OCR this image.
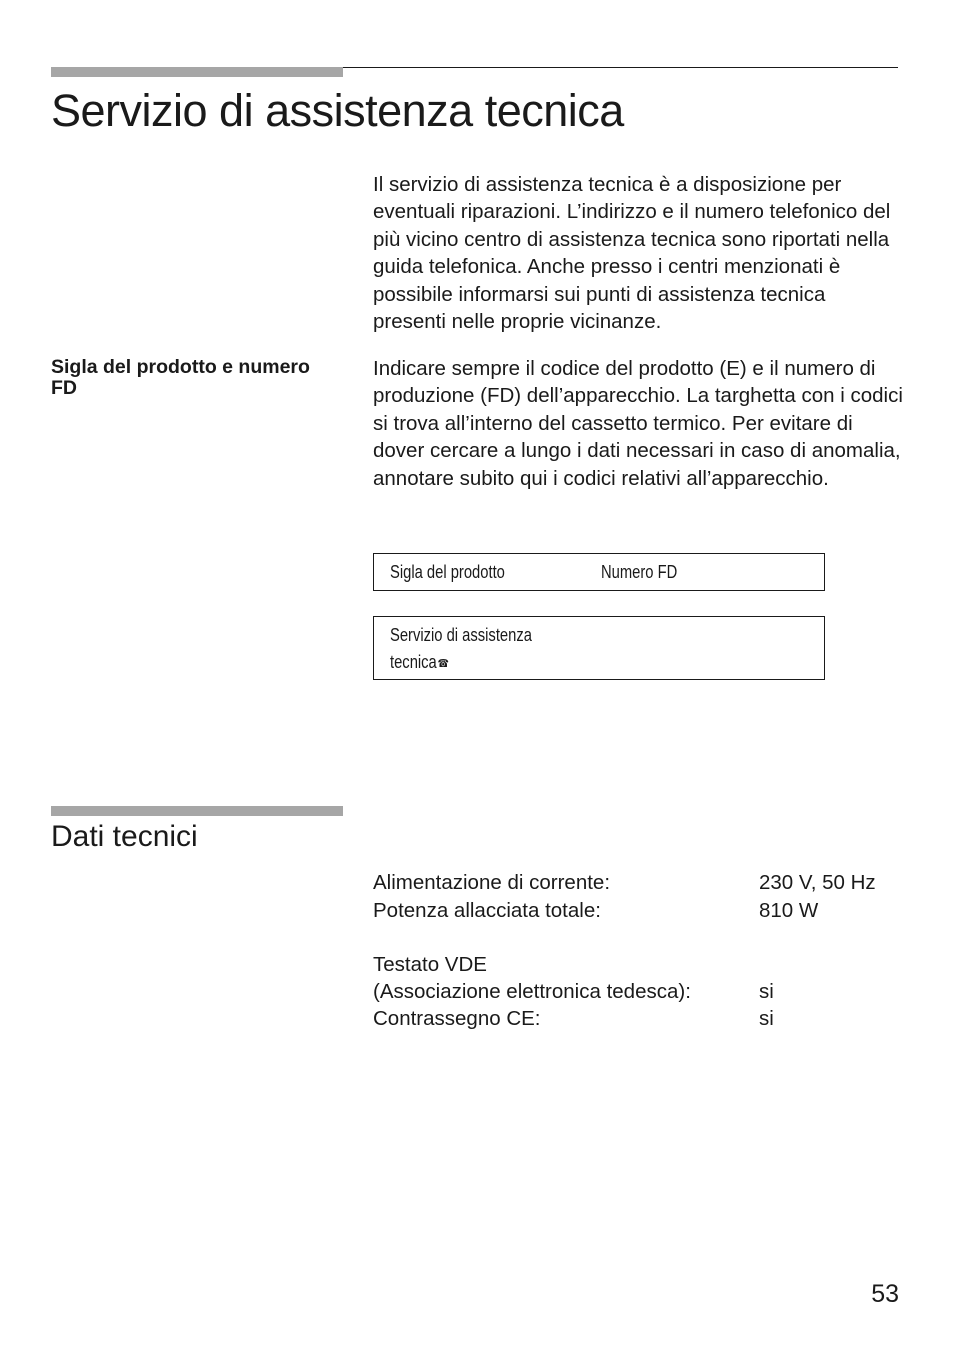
Servizio di assistenza tecnica
Il servizio di assistenza tecnica è a disposizione per eventuali riparazioni. L’indirizzo e il numero telefonico del più vicino centro di assistenza tecnica sono riportati nella guida telefonica. Anche presso i centri menzionati è possibile informarsi sui punti di assistenza tecnica presenti nelle proprie vicinanze.
Sigla del prodotto e numero FD
Indicare sempre il codice del prodotto (E) e il numero di produzione (FD) dell’apparecchio. La targhetta con i codici si trova all’interno del cassetto termico. Per evitare di dover cercare a lungo i dati necessari in caso di anomalia, annotare subito qui i codici relativi all’apparecchio.
Sigla del prodotto	Numero FD
Servizio di assistenza
tecnica☎
Dati tecnici
Alimentazione di corrente:	230 V, 50 Hz
Potenza allacciata totale:	810 W
Testato VDE
(Associazione elettronica tedesca):	si
Contrassegno CE:	si
53
